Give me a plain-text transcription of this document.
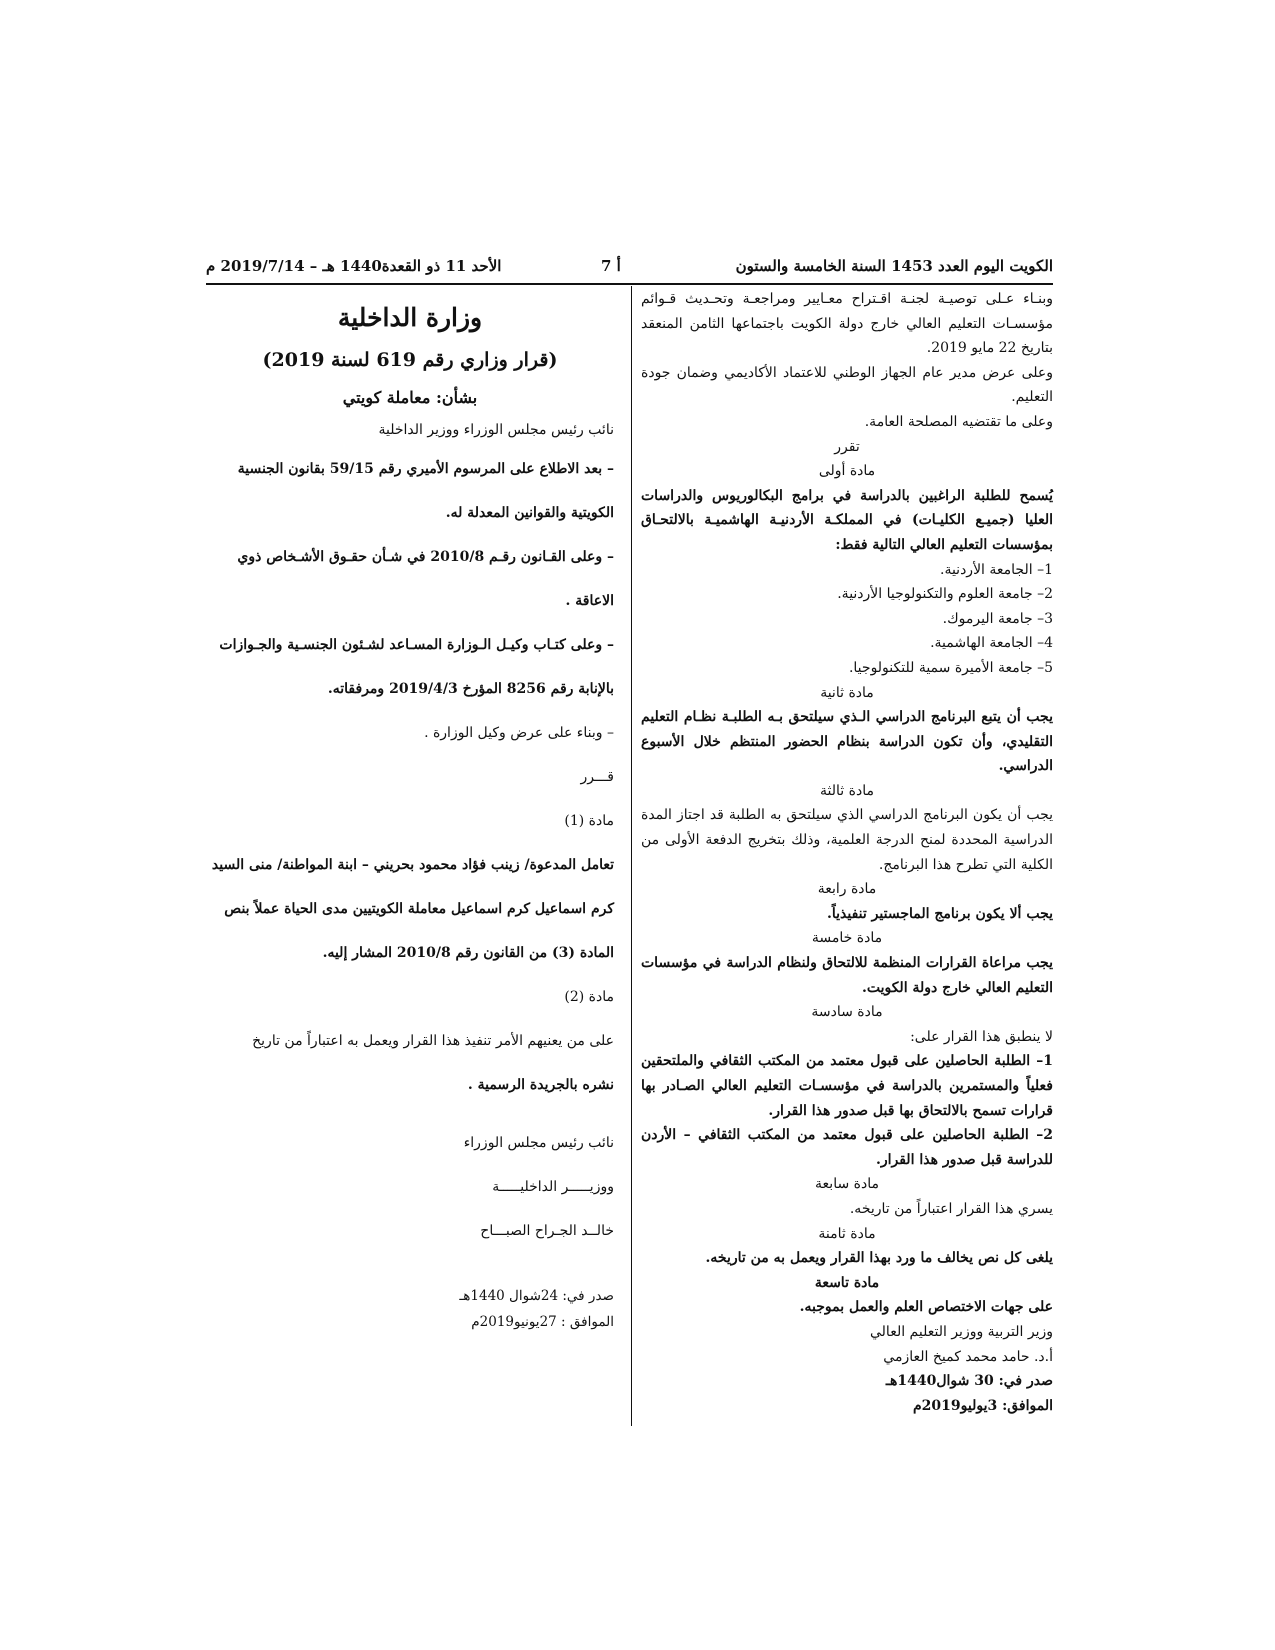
الكويت اليوم العدد 1453 السنة الخامسة والستون
أ 7
الأحد 11 ذو القعدة1440 هـ – 2019/7/14 م

وبنـاء عـلى توصيـة لجنـة اقـتراح معـايير ومراجعـة وتحـديث قـوائم مؤسسـات التعليم العالي خارج دولة الكويت باجتماعها الثامن المنعقد بتاريخ 22 مايو 2019.

وعلى عرض مدير عام الجهاز الوطني للاعتماد الأكاديمي وضمان جودة التعليم.

وعلى ما تقتضيه المصلحة العامة.

تقرر

مادة أولى

يُسمح للطلبة الراغبين بالدراسة في برامج البكالوريوس والدراسات العليا (جميـع الكليـات) في المملكـة الأردنيـة الهاشميـة بالالتحـاق بمؤسسات التعليم العالي التالية فقط:

1– الجامعة الأردنية.

2– جامعة العلوم والتكنولوجيا الأردنية.

3– جامعة اليرموك.

4– الجامعة الهاشمية.

5– جامعة الأميرة سمية للتكنولوجيا.

مادة ثانية

يجب أن يتبع البرنامج الدراسي الـذي سيلتحق بـه الطلبـة نظـام التعليم التقليدي، وأن تكون الدراسة بنظام الحضور المنتظم خلال الأسبوع الدراسي.

مادة ثالثة

يجب أن يكون البرنامج الدراسي الذي سيلتحق به الطلبة قد اجتاز المدة الدراسية المحددة لمنح الدرجة العلمية، وذلك بتخريج الدفعة الأولى من الكلية التي تطرح هذا البرنامج.

مادة رابعة

يجب ألا يكون برنامج الماجستير تنفيذياً.

مادة خامسة

يجب مراعاة القرارات المنظمة للالتحاق ولنظام الدراسة في مؤسسات التعليم العالي خارج دولة الكويت.

مادة سادسة

لا ينطبق هذا القرار على:

1– الطلبة الحاصلين على قبول معتمد من المكتب الثقافي والملتحقين فعلياً والمستمرين بالدراسة في مؤسسـات التعليم العالي الصـادر بها قرارات تسمح بالالتحاق بها قبل صدور هذا القرار.

2– الطلبة الحاصلين على قبول معتمد من المكتب الثقافي – الأردن للدراسة قبل صدور هذا القرار.

مادة سابعة

يسري هذا القرار اعتباراً من تاريخه.

مادة ثامنة

يلغى كل نص يخالف ما ورد بهذا القرار ويعمل به من تاريخه.

مادة تاسعة

على جهات الاختصاص العلم والعمل بموجبه.

وزير التربية ووزير التعليم العالي

أ.د. حامد محمد كميخ العازمي

صدر في: 30 شوال1440هـ

الموافق: 3يوليو2019م

وزارة الداخلية

(قرار وزاري رقم 619 لسنة 2019)

بشأن: معاملة كويتي

نائب رئيس مجلس الوزراء ووزير الداخلية

– بعد الاطلاع على المرسوم الأميري رقم 59/15 بقانون الجنسية

الكويتية والقوانين المعدلة له.

– وعلى القـانون رقـم 2010/8 في شـأن حقـوق الأشـخاص ذوي

الاعاقة .

– وعلى كتـاب وكيـل الـوزارة المسـاعد لشـئون الجنسـية والجـوازات

بالإنابة رقم 8256 المؤرخ 2019/4/3 ومرفقاته.

– وبناء على عرض وكيل الوزارة .

قـــرر

مادة (1)

تعامل المدعوة/ زينب فؤاد محمود بحريني – ابنة المواطنة/ منى السيد

كرم اسماعيل كرم اسماعيل معاملة الكويتيين مدى الحياة عملاً بنص

المادة (3) من القانون رقم 2010/8 المشار إليه.

مادة (2)

على من يعنيهم الأمر تنفيذ هذا القرار ويعمل به اعتباراً من تاريخ

نشره بالجريدة الرسمية .

نائب رئيس مجلس الوزراء

ووزيـــــر الداخليـــــة

خالــد الجـراح الصبـــاح

صدر في: 24شوال 1440هـ

الموافق : 27يونيو2019م
